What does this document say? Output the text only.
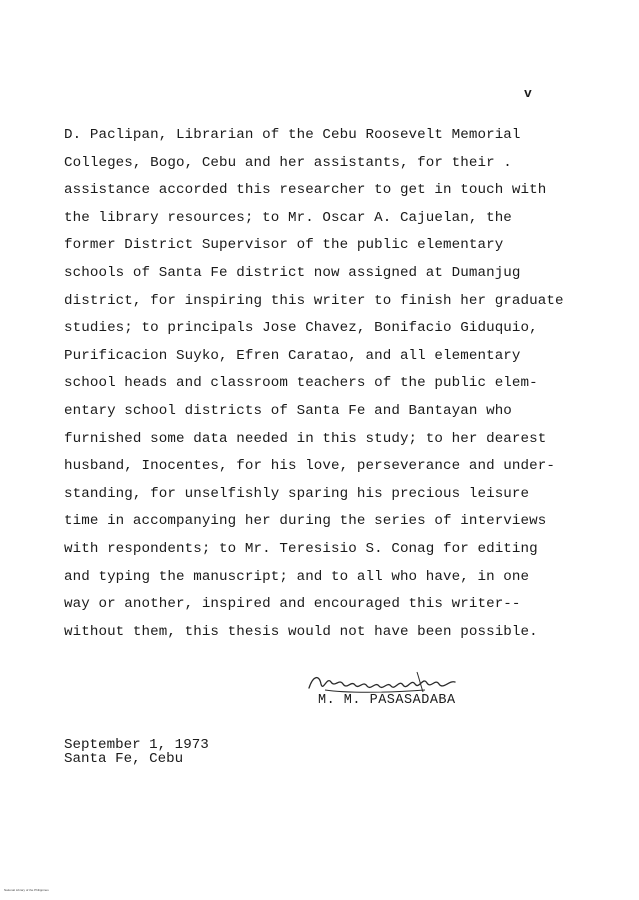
v
D. Paclipan, Librarian of the Cebu Roosevelt Memorial
Colleges, Bogo, Cebu and her assistants, for their .
assistance accorded this researcher to get in touch with
the library resources; to Mr. Oscar A. Cajuelan, the
former District Supervisor of the public elementary
schools of Santa Fe district now assigned at Dumanjug
district, for inspiring this writer to finish her graduate
studies; to principals Jose Chavez, Bonifacio Giduquio,
Purificacion Suyko, Efren Caratao, and all elementary
school heads and classroom teachers of the public elem-
entary school districts of Santa Fe and Bantayan who
furnished some data needed in this study; to her dearest
husband, Inocentes, for his love, perseverance and under-
standing, for unselfishly sparing his precious leisure
time in accompanying her during the series of interviews
with respondents; to Mr. Teresisio S. Conag for editing
and typing the manuscript; and to all who have, in one
way or another, inspired and encouraged this writer--
without them, this thesis would not have been possible.
M. M. PASASADABA
September 1, 1973
Santa Fe, Cebu
National Library of the Philippines
